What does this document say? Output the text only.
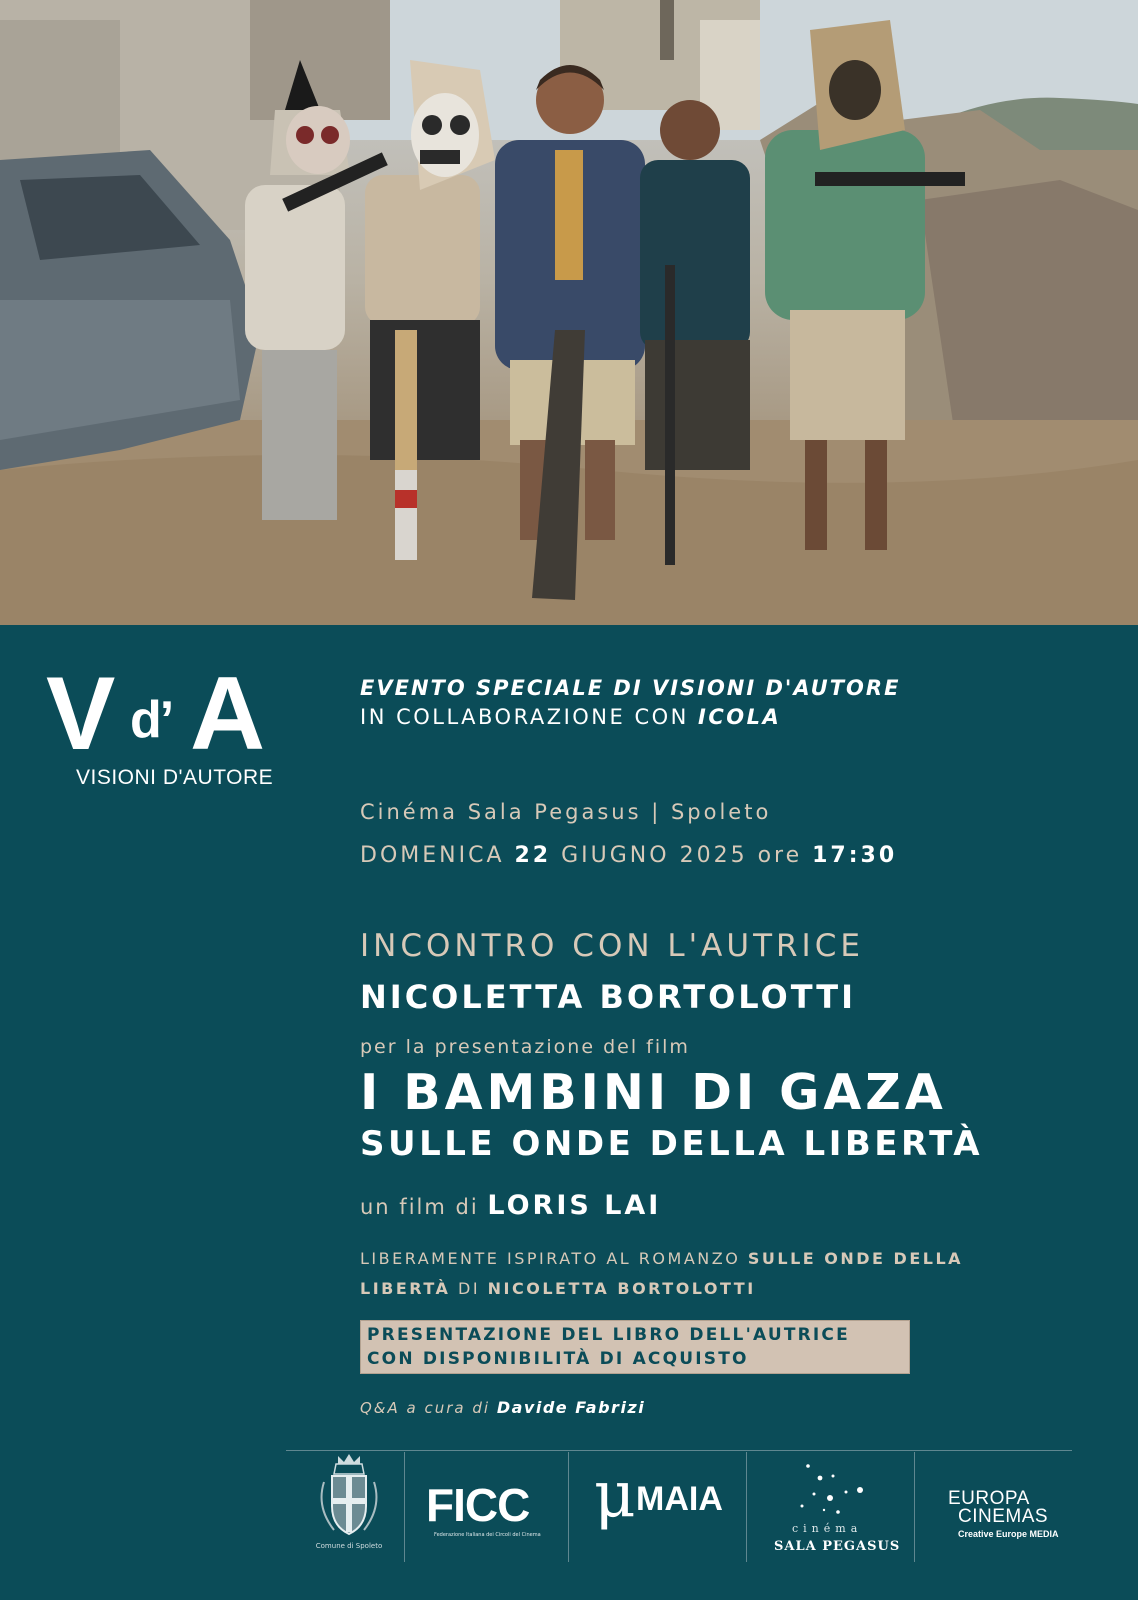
V d’ A
VISIONI D'AUTORE
EVENTO SPECIALE DI VISIONI D'AUTORE
IN COLLABORAZIONE CON ICOLA
Ciném​a Sala Pegasus | Spoleto
DOMENICA 22 GIUGNO 2025 ore 17:30
INCONTRO CON L'AUTRICE
NICOLETTA BORTOLOTTI
per la presentazione del film
I BAMBINI DI GAZA
SULLE ONDE DELLA LIBERTÀ
un film di LORIS LAI
LIBERAMENTE ISPIRATO AL ROMANZO SULLE ONDE DELLA
LIBERTÀ DI NICOLETTA BORTOLOTTI
PRESENTAZIONE DEL LIBRO DELL'AUTRICE
CON DISPONIBILITÀ DI ACQUISTO
Q&A a cura di Davide Fabrizi
Comune di Spoleto
FICC
Federazione Italiana dei Circoli del Cinema
μ MAIA
cinéma
SALA PEGASUS
EUROPA
CINEMAS
Creative Europe MEDIA
